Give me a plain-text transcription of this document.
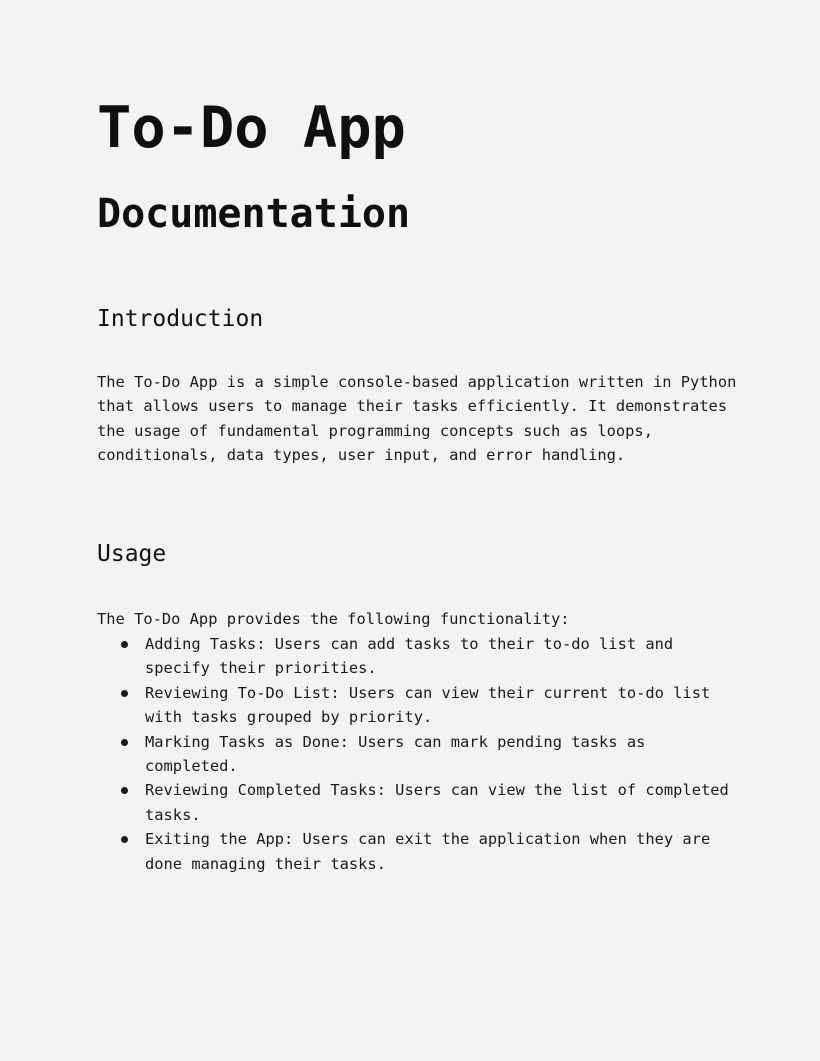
To-Do App
Documentation
Introduction

The To-Do App is a simple console-based application written in Python that allows users to manage their tasks efficiently. It demonstrates the usage of fundamental programming concepts such as loops, conditionals, data types, user input, and error handling.

Usage

The To-Do App provides the following functionality:

Adding Tasks: Users can add tasks to their to-do list and specify their priorities.
Reviewing To-Do List: Users can view their current to-do list with tasks grouped by priority.
Marking Tasks as Done: Users can mark pending tasks as completed.
Reviewing Completed Tasks: Users can view the list of completed tasks.
Exiting the App: Users can exit the application when they are done managing their tasks.
